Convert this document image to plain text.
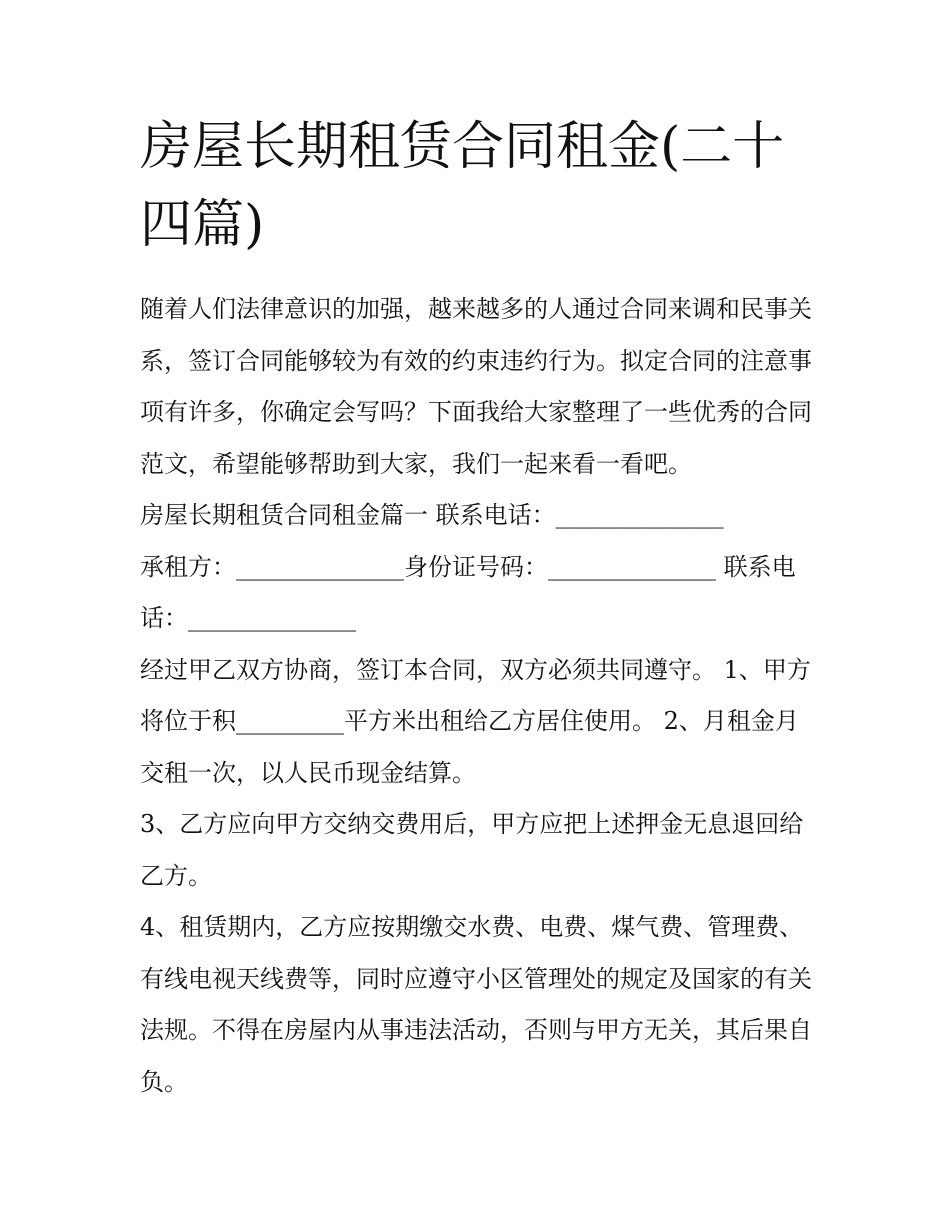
房屋长期租赁合同租金(二十四篇)

随着人们法律意识的加强，越来越多的人通过合同来调和民事关系，签订合同能够较为有效的约束违约行为。拟定合同的注意事项有许多，你确定会写吗？下面我给大家整理了一些优秀的合同范文，希望能够帮助到大家，我们一起来看一看吧。

房屋长期租赁合同租金篇一 联系电话：______________

承租方：______________身份证号码：______________ 联系电话：______________

经过甲乙双方协商，签订本合同，双方必须共同遵守。 1、甲方将位于积_________平方米出租给乙方居住使用。 2、月租金月交租一次，以人民币现金结算。

3、乙方应向甲方交纳交费用后，甲方应把上述押金无息退回给乙方。

4、租赁期内，乙方应按期缴交水费、电费、煤气费、管理费、有线电视天线费等，同时应遵守小区管理处的规定及国家的有关法规。不得在房屋内从事违法活动，否则与甲方无关，其后果自负。
